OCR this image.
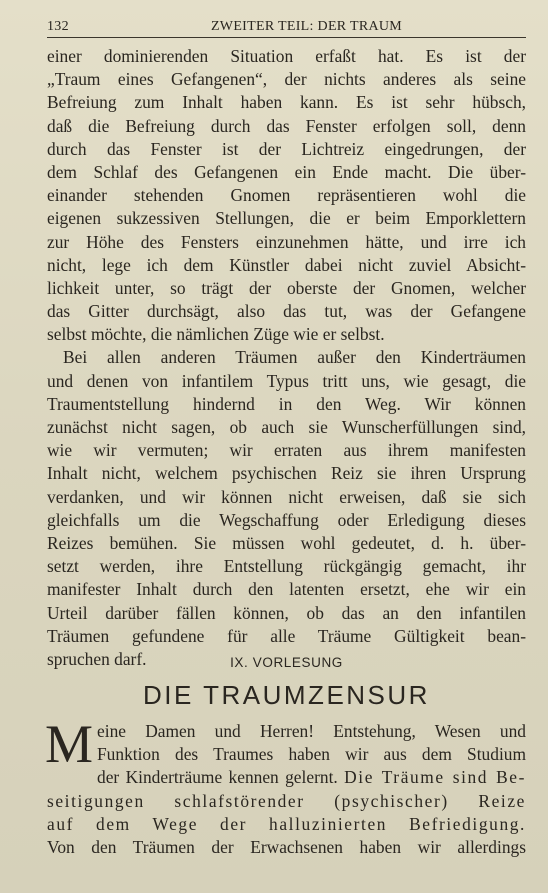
132	ZWEITER TEIL: DER TRAUM
einer dominierenden Situation erfaßt hat. Es ist der
„Traum eines Gefangenen“, der nichts anderes als seine
Befreiung zum Inhalt haben kann. Es ist sehr hübsch,
daß die Befreiung durch das Fenster erfolgen soll, denn
durch das Fenster ist der Lichtreiz eingedrungen, der
dem Schlaf des Gefangenen ein Ende macht. Die über-
einander stehenden Gnomen repräsentieren wohl die
eigenen sukzessiven Stellungen, die er beim Emporklettern
zur Höhe des Fensters einzunehmen hätte, und irre ich
nicht, lege ich dem Künstler dabei nicht zuviel Absicht-
lichkeit unter, so trägt der oberste der Gnomen, welcher
das Gitter durchsägt, also das tut, was der Gefangene
selbst möchte, die nämlichen Züge wie er selbst.
Bei allen anderen Träumen außer den Kinderträumen
und denen von infantilem Typus tritt uns, wie gesagt, die
Traumentstellung hindernd in den Weg. Wir können
zunächst nicht sagen, ob auch sie Wunscherfüllungen sind,
wie wir vermuten; wir erraten aus ihrem manifesten
Inhalt nicht, welchem psychischen Reiz sie ihren Ursprung
verdanken, und wir können nicht erweisen, daß sie sich
gleichfalls um die Wegschaffung oder Erledigung dieses
Reizes bemühen. Sie müssen wohl gedeutet, d. h. über-
setzt werden, ihre Entstellung rückgängig gemacht, ihr
manifester Inhalt durch den latenten ersetzt, ehe wir ein
Urteil darüber fällen können, ob das an den infantilen
Träumen gefundene für alle Träume Gültigkeit bean-
spruchen darf.	IX. VORLESUNG
DIE TRAUMZENSUR
M eine Damen und Herren! Entstehung, Wesen und
Funktion des Traumes haben wir aus dem Studium
der Kinderträume kennen gelernt. Die Träume sind Be-
seitigungen schlafstörender (psychischer) Reize
auf dem Wege der halluzinierten Befriedigung.
Von den Träumen der Erwachsenen haben wir allerdings
